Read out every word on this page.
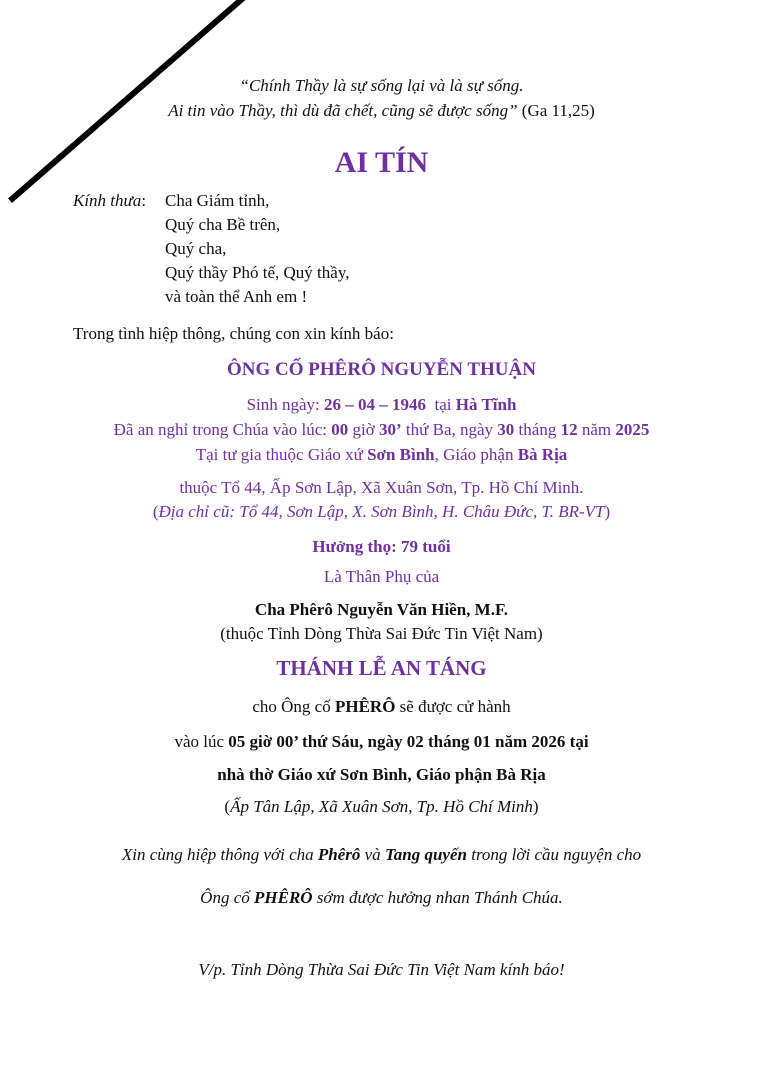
“Chính Thầy là sự sống lại và là sự sống.
Ai tin vào Thầy, thì dù đã chết, cũng sẽ được sống” (Ga 11,25)
AI TÍN
Kính thưa: Cha Giám tỉnh,
Quý cha Bề trên,
Quý cha,
Quý thầy Phó tế, Quý thầy,
và toàn thể Anh em !
Trong tình hiệp thông, chúng con xin kính báo:
ÔNG CỐ PHÊRÔ NGUYỄN THUẬN
Sinh ngày: 26 – 04 – 1946  tại Hà Tĩnh
Đã an nghỉ trong Chúa vào lúc: 00 giờ 30’ thứ Ba, ngày 30 tháng 12 năm 2025
Tại tư gia thuộc Giáo xứ Sơn Bình, Giáo phận Bà Rịa
thuộc Tổ 44, Ấp Sơn Lập, Xã Xuân Sơn, Tp. Hồ Chí Minh.
(Địa chỉ cũ: Tổ 44, Sơn Lập, X. Sơn Bình, H. Châu Đức, T. BR-VT)
Hưởng thọ: 79 tuổi
Là Thân Phụ của
Cha Phêrô Nguyễn Văn Hiền, M.F.
(thuộc Tỉnh Dòng Thừa Sai Đức Tin Việt Nam)
THÁNH LỄ AN TÁNG
cho Ông cố PHÊRÔ sẽ được cử hành
vào lúc 05 giờ 00’ thứ Sáu, ngày 02 tháng 01 năm 2026 tại
nhà thờ Giáo xứ Sơn Bình, Giáo phận Bà Rịa
(Ấp Tân Lập, Xã Xuân Sơn, Tp. Hồ Chí Minh)
Xin cùng hiệp thông với cha Phêrô và Tang quyến trong lời cầu nguyện cho
Ông cố PHÊRÔ sớm được hưởng nhan Thánh Chúa.
V/p. Tỉnh Dòng Thừa Sai Đức Tin Việt Nam kính báo!
